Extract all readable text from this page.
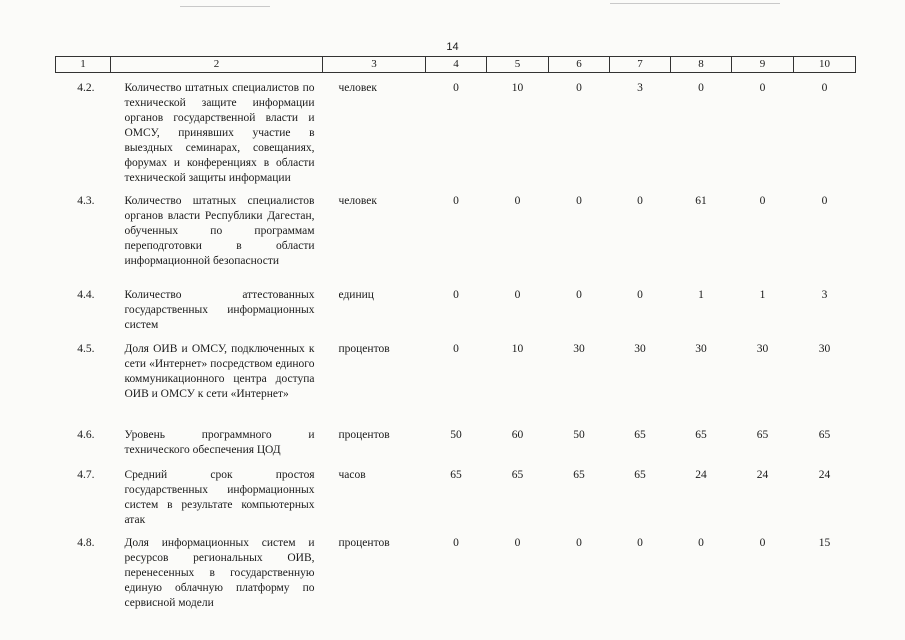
14
1	2	3	4	5	6	7	8	9	10
4.2.	Количество штатных специалистов по технической защите информации органов государственной власти и ОМСУ, принявших участие в выездных семинарах, совещаниях, форумах и конференциях в области технической защиты информации	человек	0	10	0	3	0	0	0
4.3.	Количество штатных специалистов органов власти Республики Дагестан, обученных по программам переподготовки в области информационной безопасности	человек	0	0	0	0	61	0	0
4.4.	Количество аттестованных государственных информационных систем	единиц	0	0	0	0	1	1	3
4.5.	Доля ОИВ и ОМСУ, подключенных к сети «Интернет» посредством единого коммуникационного центра доступа ОИВ и ОМСУ к сети «Интернет»	процентов	0	10	30	30	30	30	30
4.6.	Уровень программного и технического обеспечения ЦОД	процентов	50	60	50	65	65	65	65
4.7.	Средний срок простоя государственных информационных систем в результате компьютерных атак	часов	65	65	65	65	24	24	24
4.8.	Доля информационных систем и ресурсов региональных ОИВ, перенесенных в государственную единую облачную платформу по сервисной модели	процентов	0	0	0	0	0	0	15
